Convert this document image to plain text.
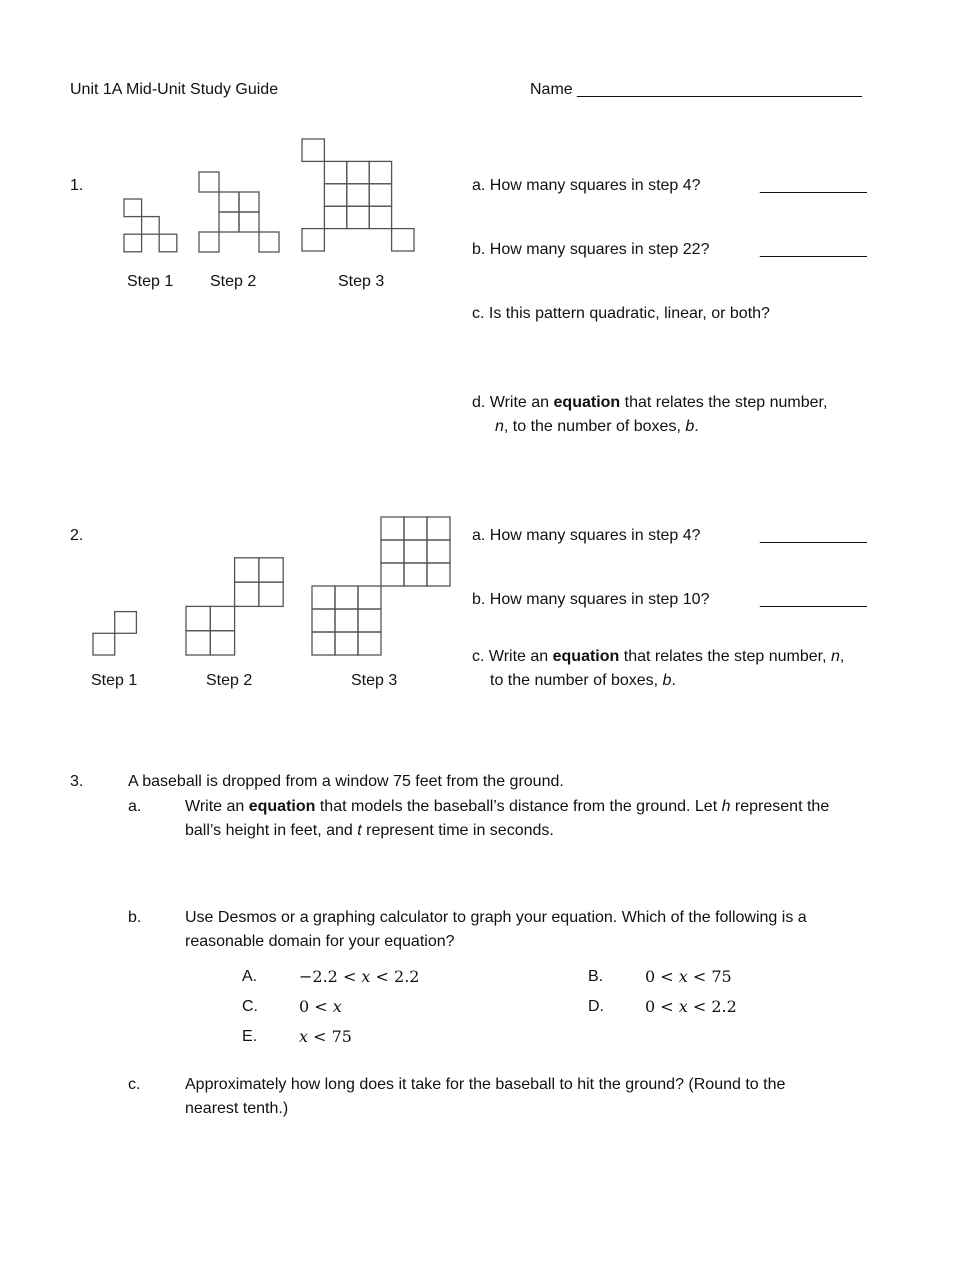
Unit 1A Mid-Unit Study Guide	Name ________________________________
1.
Step 1 Step 2	Step 3
a. How many squares in step 4?	____________
b. How many squares in step 22?	____________
c. Is this pattern quadratic, linear, or both?
d. Write an equation that relates the step number,
n, to the number of boxes, b.
2.
Step 1	Step 2	Step 3
a. How many squares in step 4?	____________
b. How many squares in step 10?	____________
c. Write an equation that relates the step number, n,
to the number of boxes, b.
3.	A baseball is dropped from a window 75 feet from the ground.
a.	Write an equation that models the baseball’s distance from the ground. Let h represent the
ball’s height in feet, and t represent time in seconds.
b.	Use Desmos or a graphing calculator to graph your equation. Which of the following is a
reasonable domain for your equation?
A.	−2.2 < 𝑥 < 2.2	B.	0 < 𝑥 < 75
C.	0 < 𝑥	D.	0 < 𝑥 < 2.2
E.	𝑥 < 75
c.	Approximately how long does it take for the baseball to hit the ground? (Round to the
nearest tenth.)
